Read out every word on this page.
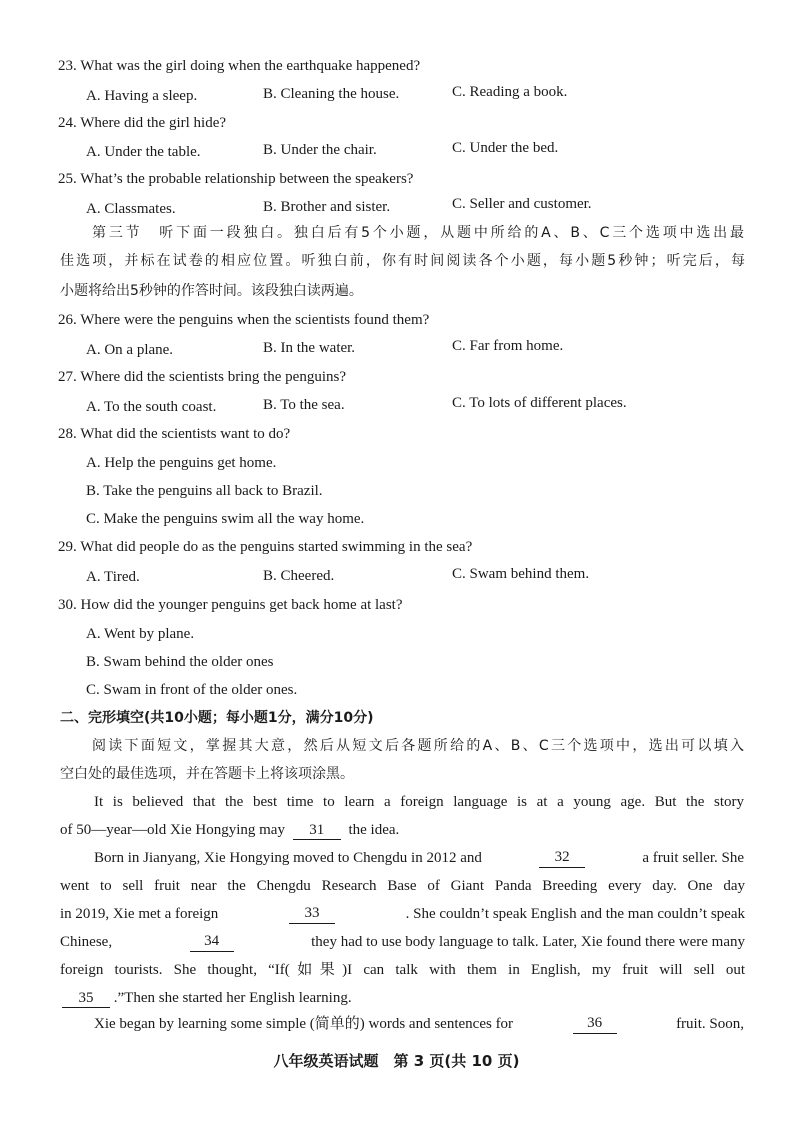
23. What was the girl doing when the earthquake happened?
A. Having a sleep.	B. Cleaning the house.	C. Reading a book.
24. Where did the girl hide?
A. Under the table.	B. Under the chair.	C. Under the bed.
25. What’s the probable relationship between the speakers?
A. Classmates.	B. Brother and sister.	C. Seller and customer.
第三节　听下面一段独白。独白后有5个小题，从题中所给的A、B、C三个选项中选出最
佳选项，并标在试卷的相应位置。听独白前，你有时间阅读各个小题，每小题5秒钟；听完后，每
小题将给出5秒钟的作答时间。该段独白读两遍。
26. Where were the penguins when the scientists found them?
A. On a plane.	B. In the water.	C. Far from home.
27. Where did the scientists bring the penguins?
A. To the south coast.	B. To the sea.	C. To lots of different places.
28. What did the scientists want to do?
A. Help the penguins get home.
B. Take the penguins all back to Brazil.
C. Make the penguins swim all the way home.
29. What did people do as the penguins started swimming in the sea?
A. Tired.	B. Cheered.	C. Swam behind them.
30. How did the younger penguins get back home at last?
A. Went by plane.
B. Swam behind the older ones
C. Swam in front of the older ones.
二、完形填空(共10小题；每小题1分，满分10分)
阅读下面短文，掌握其大意，然后从短文后各题所给的A、B、C三个选项中，选出可以填入
空白处的最佳选项，并在答题卡上将该项涂黑。
It is believed that the best time to learn a foreign language is at a young age. But the story
of 50—year—old Xie Hongying may 31 the idea.
Born in Jianyang, Xie Hongying moved to Chengdu in 2012 and	32	a fruit seller. She
went to sell fruit near the Chengdu Research Base of Giant Panda Breeding every day. One day
in 2019, Xie met a foreign	33	. She couldn’t speak English and the man couldn’t speak
Chinese,	34	they had to use body language to talk. Later, Xie found there were many
foreign tourists. She thought, “If(如果)I can talk with them in English, my fruit will sell out
35 .”Then she started her English learning.
Xie began by learning some simple (简单的) words and sentences for	36	fruit. Soon,
八年级英语试题　第 3 页(共 10 页)
